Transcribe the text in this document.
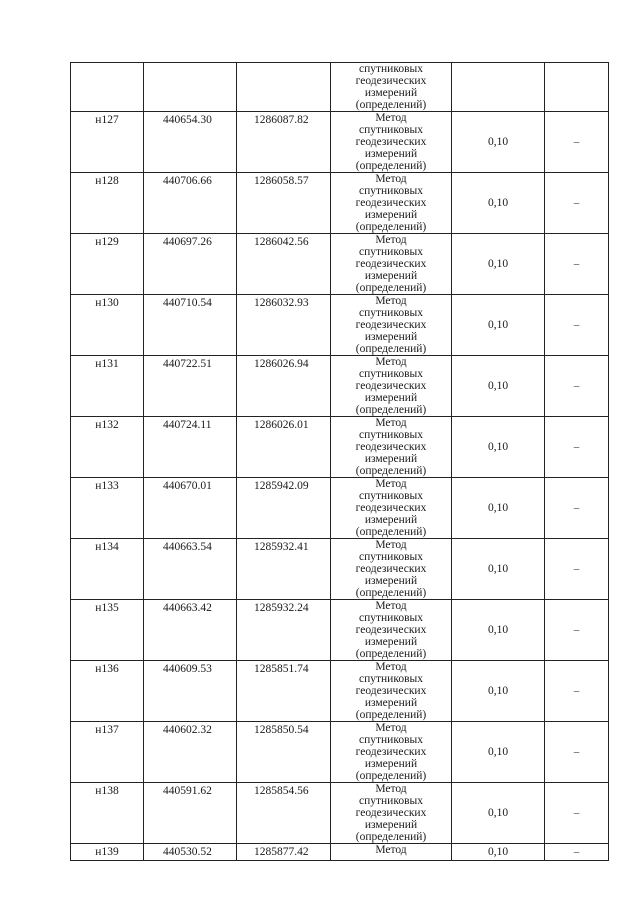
			спутниковых
геодезических
измерений
(определений)		

н127	440654.30	1286087.82	Метод
спутниковых
геодезических
измерений
(определений)	0,10	–
н128	440706.66	1286058.57	Метод
спутниковых
геодезических
измерений
(определений)	0,10	–
н129	440697.26	1286042.56	Метод
спутниковых
геодезических
измерений
(определений)	0,10	–
н130	440710.54	1286032.93	Метод
спутниковых
геодезических
измерений
(определений)	0,10	–
н131	440722.51	1286026.94	Метод
спутниковых
геодезических
измерений
(определений)	0,10	–
н132	440724.11	1286026.01	Метод
спутниковых
геодезических
измерений
(определений)	0,10	–
н133	440670.01	1285942.09	Метод
спутниковых
геодезических
измерений
(определений)	0,10	–
н134	440663.54	1285932.41	Метод
спутниковых
геодезических
измерений
(определений)	0,10	–
н135	440663.42	1285932.24	Метод
спутниковых
геодезических
измерений
(определений)	0,10	–
н136	440609.53	1285851.74	Метод
спутниковых
геодезических
измерений
(определений)	0,10	–
н137	440602.32	1285850.54	Метод
спутниковых
геодезических
измерений
(определений)	0,10	–
н138	440591.62	1285854.56	Метод
спутниковых
геодезических
измерений
(определений)	0,10	–
н139	440530.52	1285877.42	Метод	0,10	–
